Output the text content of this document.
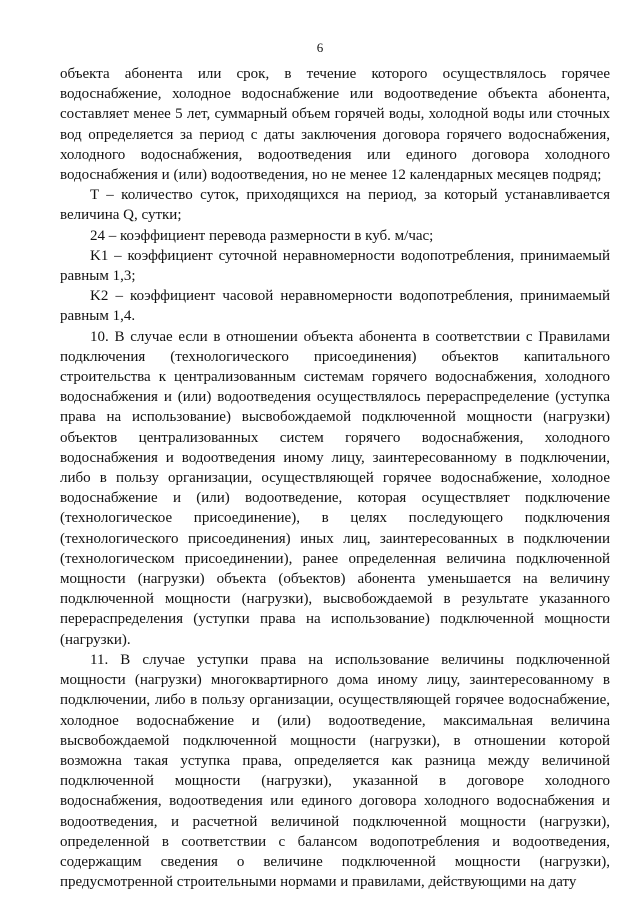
6

объекта абонента или срок, в течение которого осуществлялось горячее водоснабжение, холодное водоснабжение или водоотведение объекта абонента, составляет менее 5 лет, суммарный объем горячей воды, холодной воды или сточных вод определяется за период с даты заключения договора горячего водоснабжения, холодного водоснабжения, водоотведения или единого договора холодного водоснабжения и (или) водоотведения, но не менее 12 календарных месяцев подряд;

T – количество суток, приходящихся на период, за который устанавливается величина Q, сутки;

24 – коэффициент перевода размерности в куб. м/час;

K1 – коэффициент суточной неравномерности водопотребления, принимаемый равным 1,3;

K2 – коэффициент часовой неравномерности водопотребления, принимаемый равным 1,4.

10. В случае если в отношении объекта абонента в соответствии с Правилами подключения (технологического присоединения) объектов капитального строительства к централизованным системам горячего водоснабжения, холодного водоснабжения и (или) водоотведения осуществлялось перераспределение (уступка права на использование) высвобождаемой подключенной мощности (нагрузки) объектов централизованных систем горячего водоснабжения, холодного водоснабжения и водоотведения иному лицу, заинтересованному в подключении, либо в пользу организации, осуществляющей горячее водоснабжение, холодное водоснабжение и (или) водоотведение, которая осуществляет подключение (технологическое присоединение), в целях последующего подключения (технологического присоединения) иных лиц, заинтересованных в подключении (технологическом присоединении), ранее определенная величина подключенной мощности (нагрузки) объекта (объектов) абонента уменьшается на величину подключенной мощности (нагрузки), высвобождаемой в результате указанного перераспределения (уступки права на использование) подключенной мощности (нагрузки).

11. В случае уступки права на использование величины подключенной мощности (нагрузки) многоквартирного дома иному лицу, заинтересованному в подключении, либо в пользу организации, осуществляющей горячее водоснабжение, холодное водоснабжение и (или) водоотведение, максимальная величина высвобождаемой подключенной мощности (нагрузки), в отношении которой возможна такая уступка права, определяется как разница между величиной подключенной мощности (нагрузки), указанной в договоре холодного водоснабжения, водоотведения или единого договора холодного водоснабжения и водоотведения, и расчетной величиной подключенной мощности (нагрузки), определенной в соответствии с балансом водопотребления и водоотведения, содержащим сведения о величине подключенной мощности (нагрузки), предусмотренной строительными нормами и правилами, действующими на дату
